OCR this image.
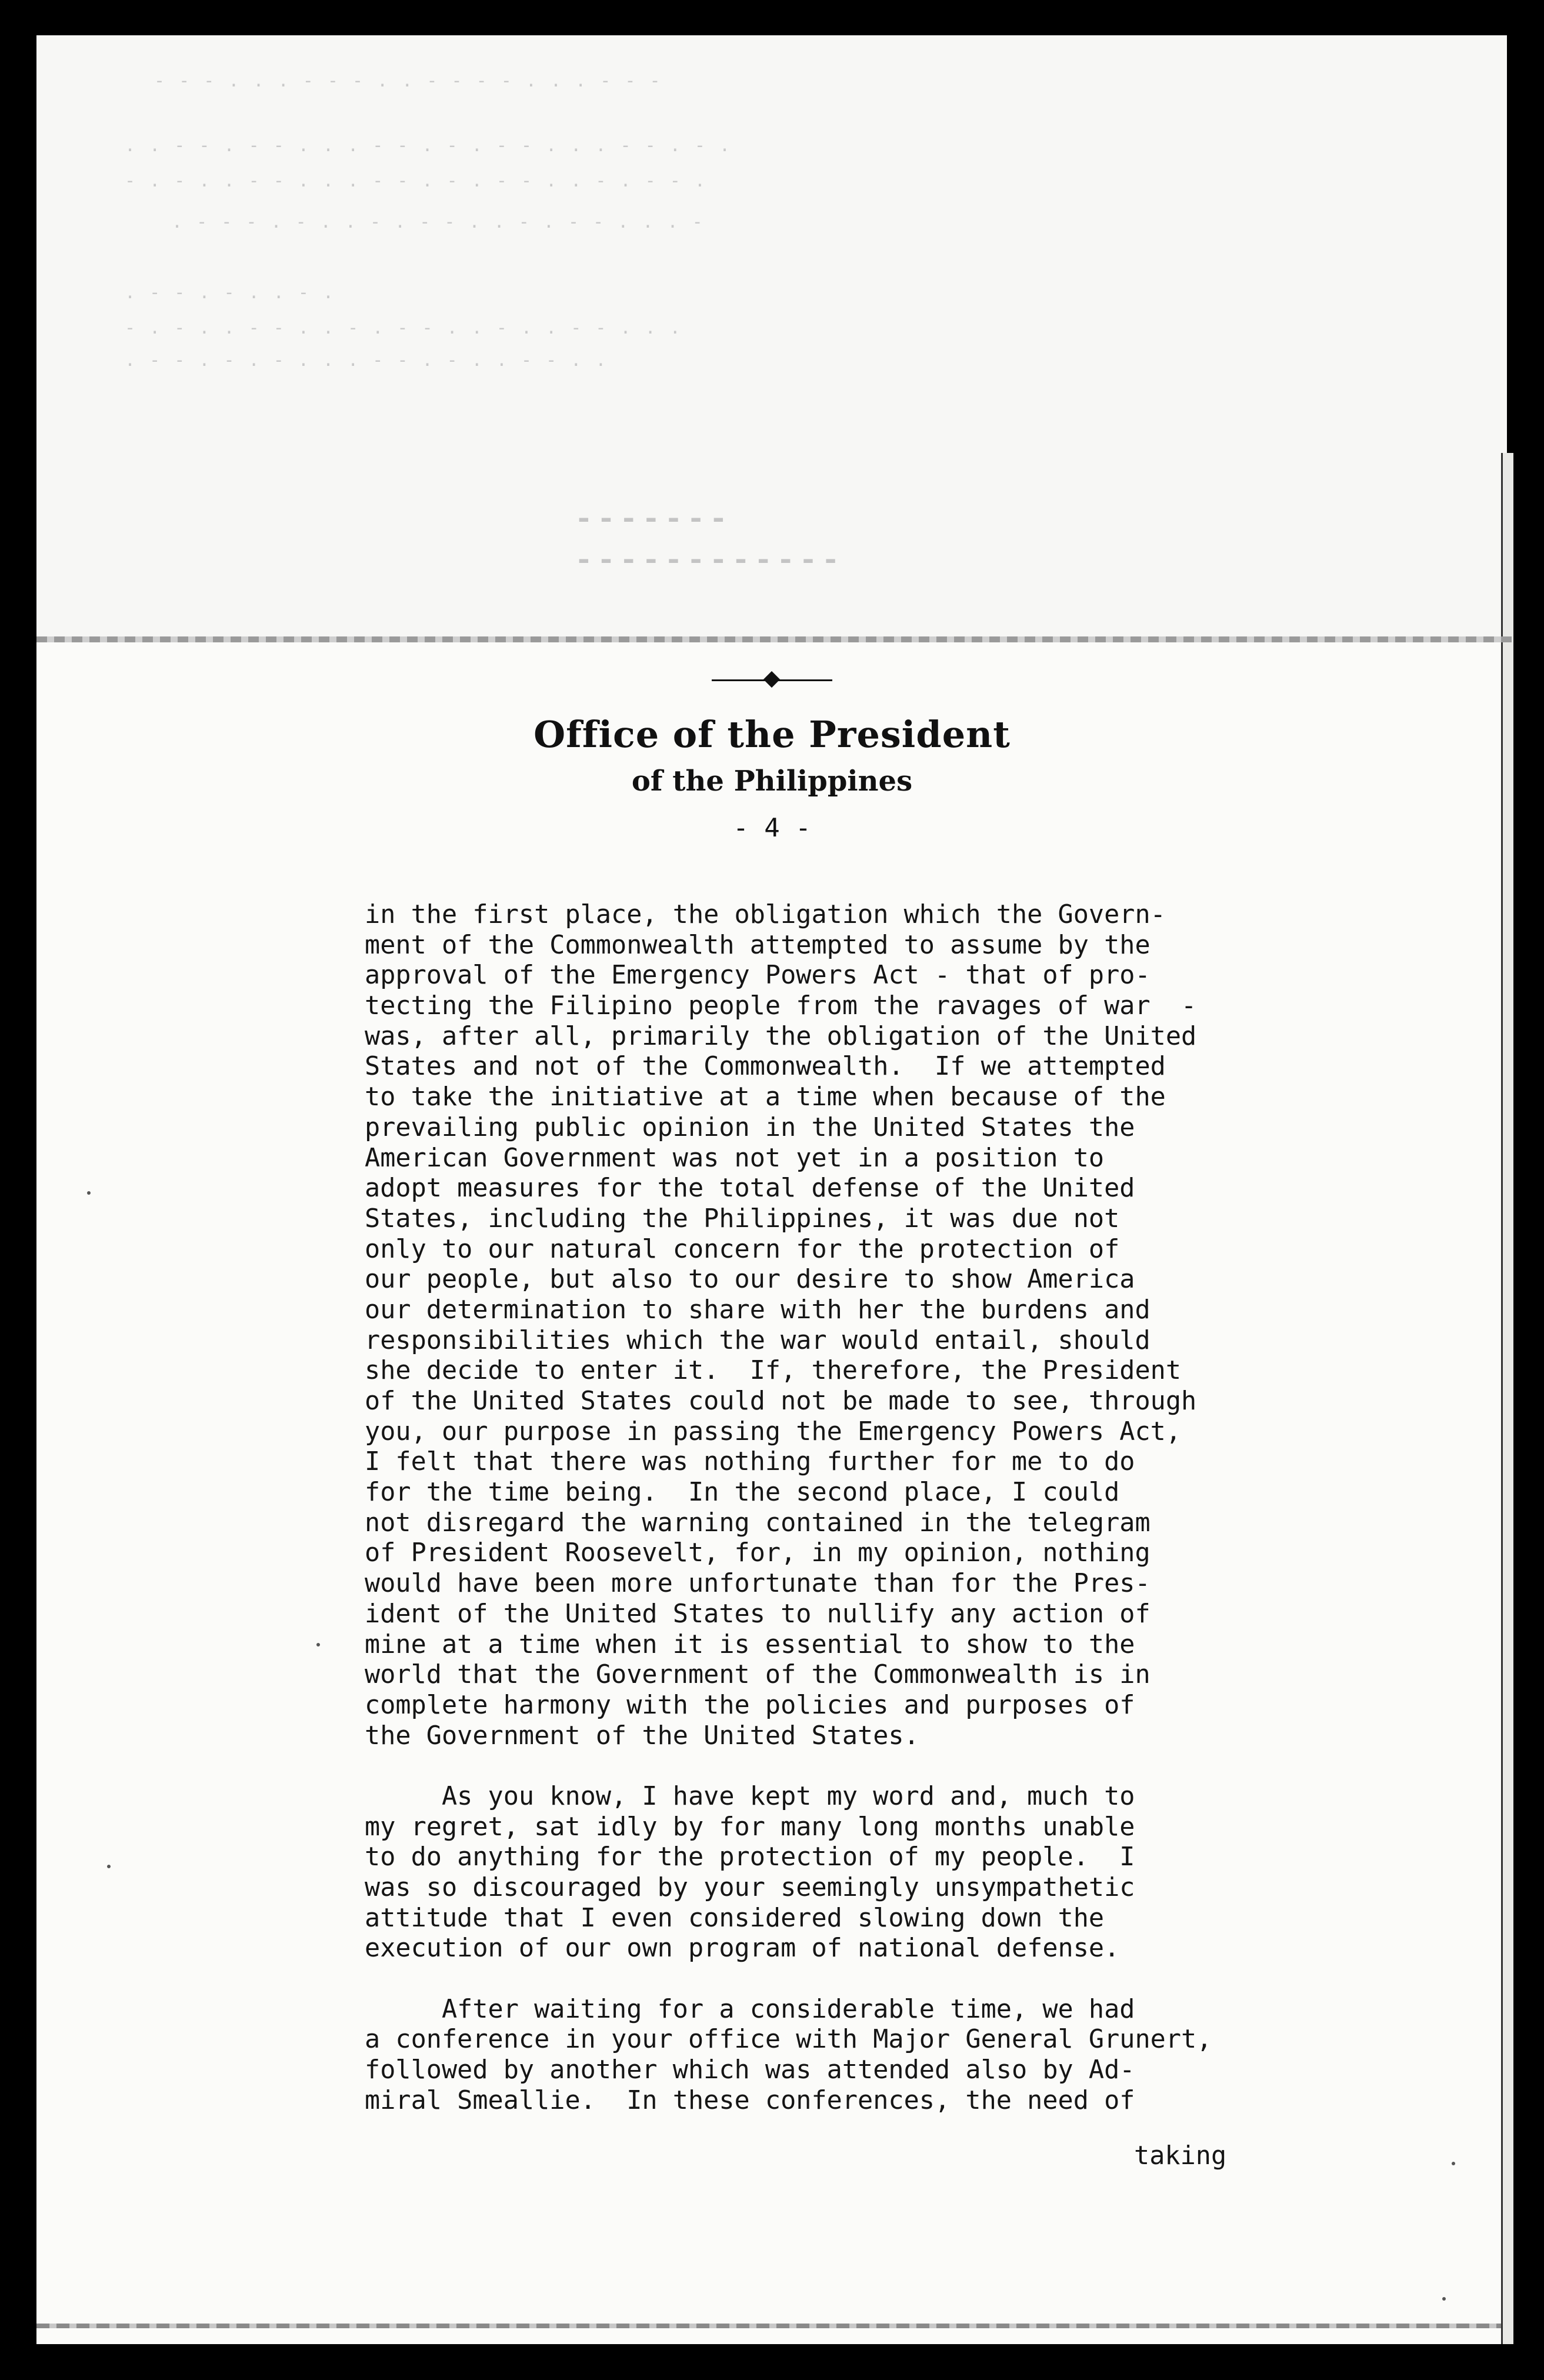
- - - . . . - - - . . - - - - . . . - - -
. . - - . - - . . . - - . - . - - . . . - - . - .
- . - . . - - . . . - - . - . - - . . - . - - .
. - - - . - . . - . - - . . - . - - . . . -
. - - . - . . - .
- . - . . - - . . - . - - . . - . . - - . . .
. - - . - . - . . . - - . - . . - - . .
- - - - - - -
- - - - - - - - - - - -
Office of the President
of the Philippines
- 4 -
in the first place, the obligation which the Govern-
ment of the Commonwealth attempted to assume by the
approval of the Emergency Powers Act - that of pro-
tecting the Filipino people from the ravages of war  -
was, after all, primarily the obligation of the United
States and not of the Commonwealth.  If we attempted
to take the initiative at a time when because of the
prevailing public opinion in the United States the
American Government was not yet in a position to
adopt measures for the total defense of the United
States, including the Philippines, it was due not
only to our natural concern for the protection of
our people, but also to our desire to show America
our determination to share with her the burdens and
responsibilities which the war would entail, should
she decide to enter it.  If, therefore, the President
of the United States could not be made to see, through
you, our purpose in passing the Emergency Powers Act,
I felt that there was nothing further for me to do
for the time being.  In the second place, I could
not disregard the warning contained in the telegram
of President Roosevelt, for, in my opinion, nothing
would have been more unfortunate than for the Pres-
ident of the United States to nullify any action of
mine at a time when it is essential to show to the
world that the Government of the Commonwealth is in
complete harmony with the policies and purposes of
the Government of the United States.
As you know, I have kept my word and, much to
my regret, sat idly by for many long months unable
to do anything for the protection of my people.  I
was so discouraged by your seemingly unsympathetic
attitude that I even considered slowing down the
execution of our own program of national defense.
After waiting for a considerable time, we had
a conference in your office with Major General Grunert,
followed by another which was attended also by Ad-
miral Smeallie.  In these conferences, the need of
taking
